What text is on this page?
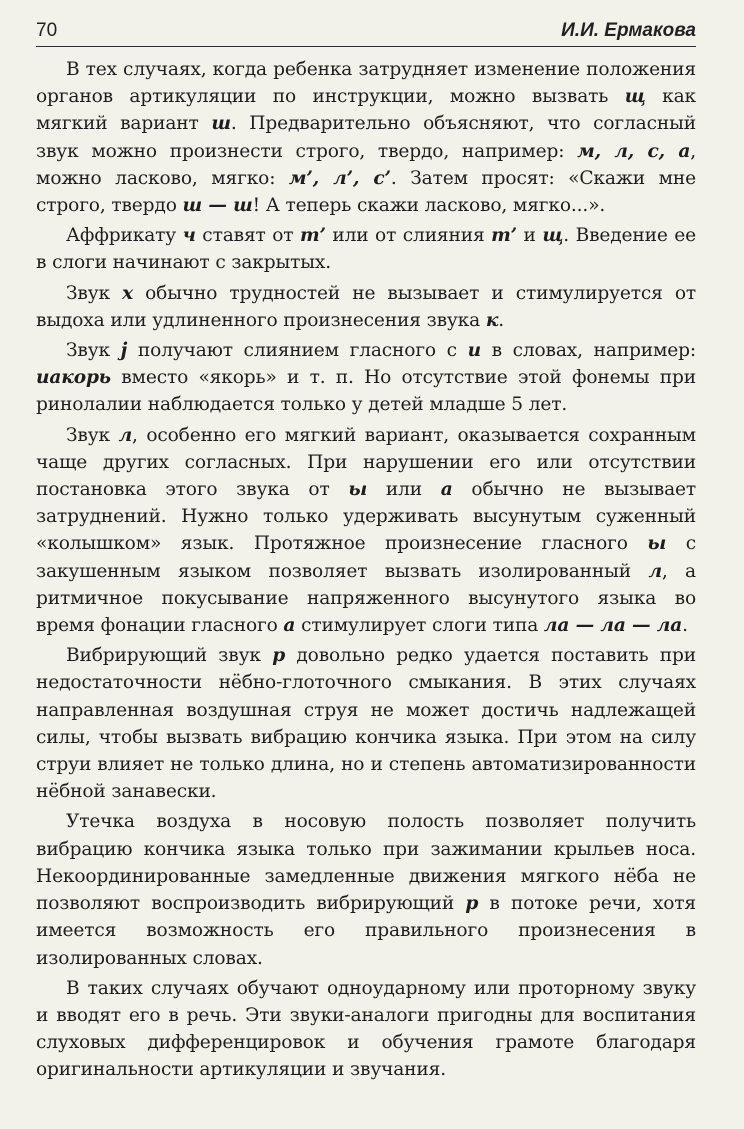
70	И.И. Ермакова

В тех случаях, когда ребенка затрудняет изменение положения органов артикуляции по инструкции, можно вызвать щ как мягкий вариант ш. Предварительно объясняют, что согласный звук можно произнести строго, твердо, например: м, л, с, а, можно ласково, мягко: м’, л’, с’. Затем просят: «Скажи мне строго, твердо ш — ш! А теперь скажи ласково, мягко...».

Аффрикату ч ставят от т’ или от слияния т’ и щ. Введение ее в слоги начинают с закрытых.

Звук х обычно трудностей не вызывает и стимулируется от выдоха или удлиненного произнесения звука к.

Звук j получают слиянием гласного с и в словах, например: иакорь вместо «якорь» и т. п. Но отсутствие этой фонемы при ринолалии наблюдается только у детей младше 5 лет.

Звук л, особенно его мягкий вариант, оказывается сохранным чаще других согласных. При нарушении его или отсутствии постановка этого звука от ы или а обычно не вызывает затруднений. Нужно только удерживать высунутым суженный «колышком» язык. Протяжное произнесение гласного ы с закушенным языком позволяет вызвать изолированный л, а ритмичное покусывание напряженного высунутого языка во время фонации гласного а стимулирует слоги типа ла — ла — ла.

Вибрирующий звук р довольно редко удается поставить при недостаточности нёбно-глоточного смыкания. В этих случаях направленная воздушная струя не может достичь надлежащей силы, чтобы вызвать вибрацию кончика языка. При этом на силу струи влияет не только длина, но и степень автоматизированности нёбной занавески.

Утечка воздуха в носовую полость позволяет получить вибрацию кончика языка только при зажимании крыльев носа. Некоординированные замедленные движения мягкого нёба не позволяют воспроизводить вибрирующий р в потоке речи, хотя имеется возможность его правильного произнесения в изолированных словах.

В таких случаях обучают одноударному или проторному звуку и вводят его в речь. Эти звуки-аналоги пригодны для воспитания слуховых дифференцировок и обучения грамоте благодаря оригинальности артикуляции и звучания.
